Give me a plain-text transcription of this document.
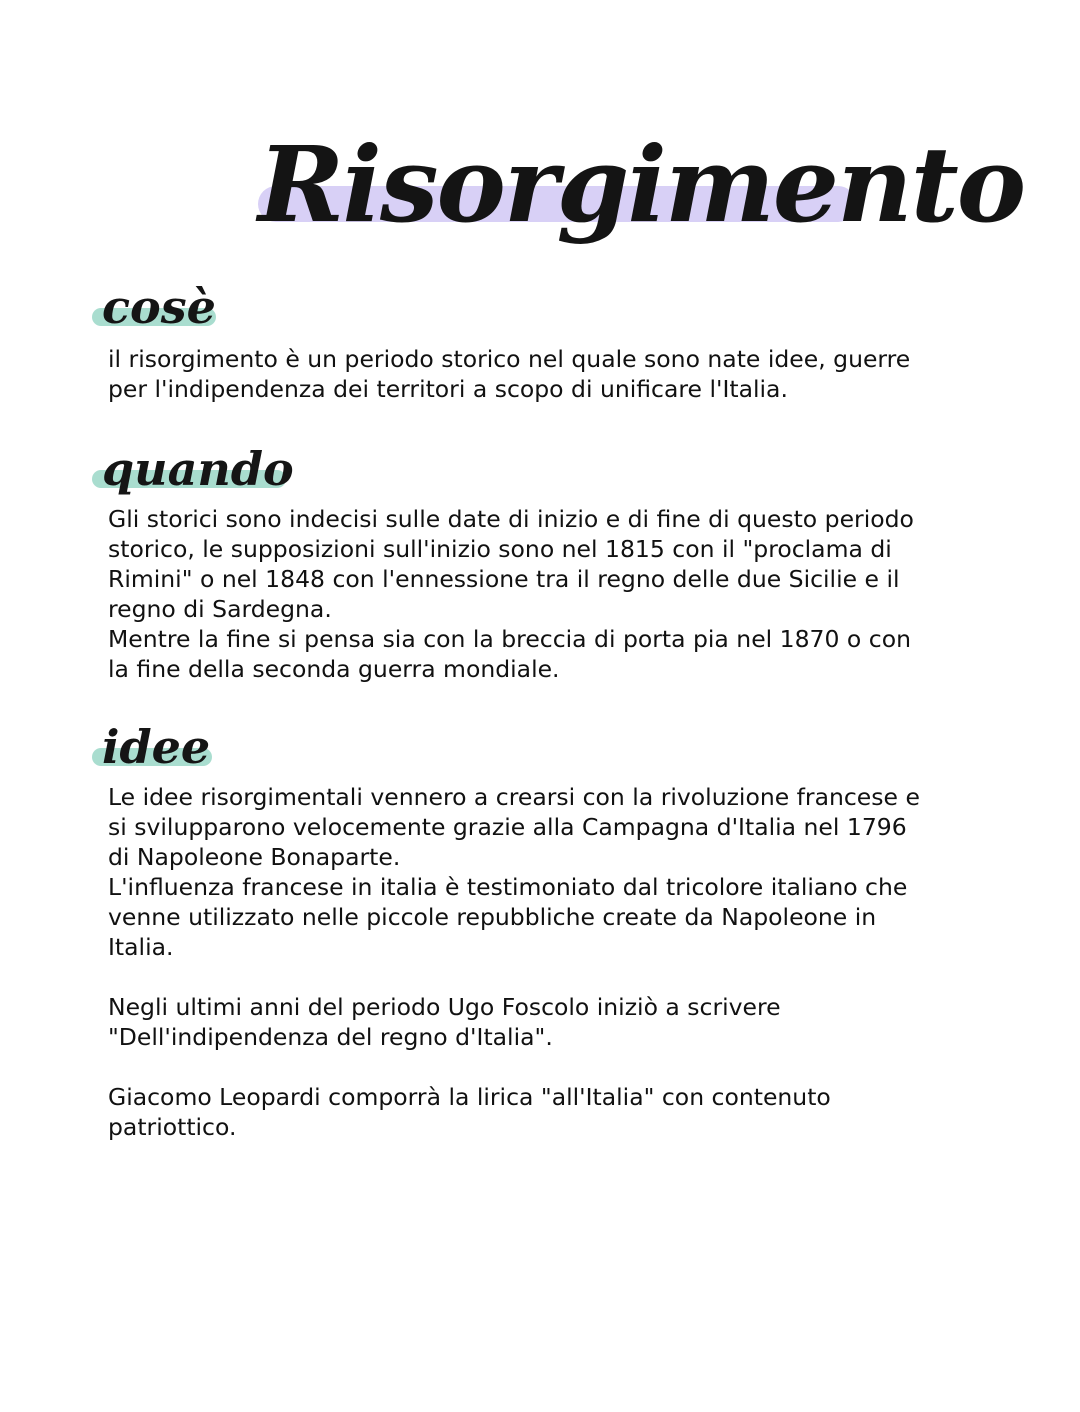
Risorgimento
cosè

il risorgimento è un periodo storico nel quale sono nate idee, guerre
per l'indipendenza dei territori a scopo di unificare l'Italia.

quando

Gli storici sono indecisi sulle date di inizio e di fine di questo periodo
storico, le supposizioni sull'inizio sono nel 1815 con il "proclama di
Rimini" o nel 1848 con l'ennessione tra il regno delle due Sicilie e il
regno di Sardegna.
Mentre la fine si pensa sia con la breccia di porta pia nel 1870 o con
la fine della seconda guerra mondiale.

idee

Le idee risorgimentali vennero a crearsi con la rivoluzione francese e
si svilupparono velocemente grazie alla Campagna d'Italia nel 1796
di Napoleone Bonaparte.
L'influenza francese in italia è testimoniato dal tricolore italiano che
venne utilizzato nelle piccole repubbliche create da Napoleone in
Italia.

Negli ultimi anni del periodo Ugo Foscolo iniziò a scrivere
"Dell'indipendenza del regno d'Italia".

Giacomo Leopardi comporrà la lirica "all'Italia" con contenuto
patriottico.
